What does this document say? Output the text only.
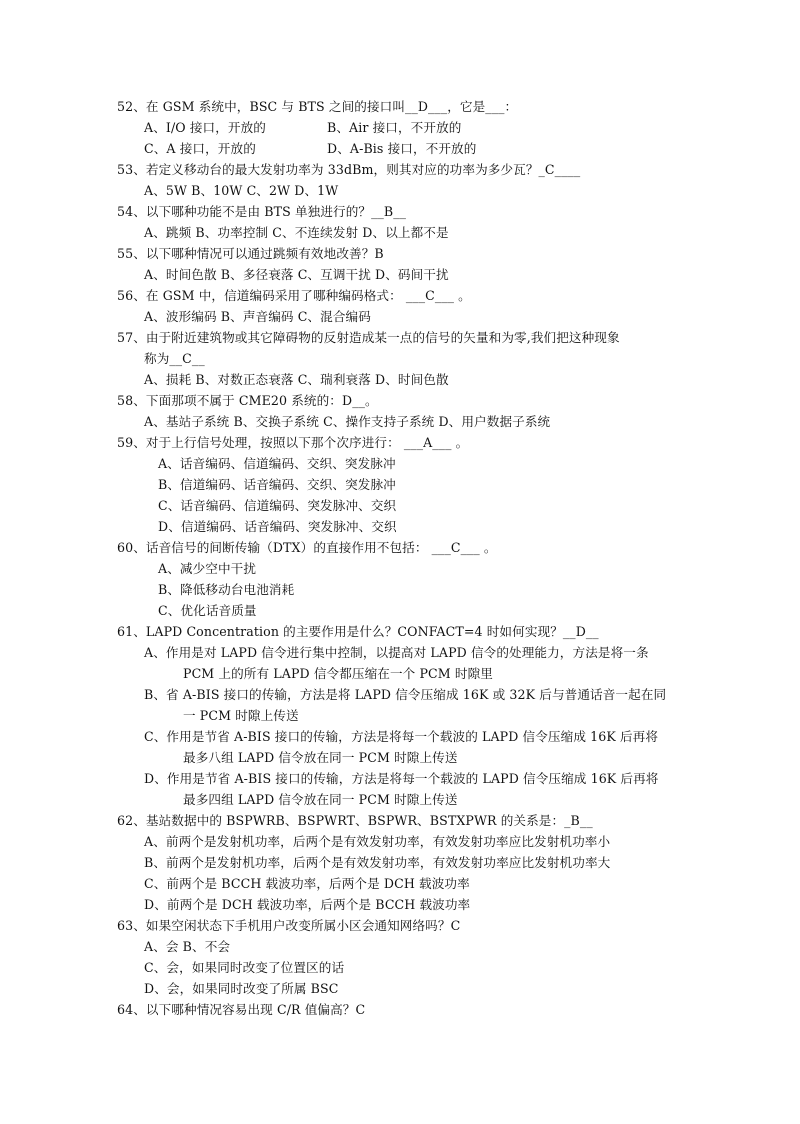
52、在 GSM 系统中，BSC 与 BTS 之间的接口叫__D___，它是___：
A、I/O 接口，开放的	B、Air 接口，不开放的
C、A 接口，开放的	D、A-Bis 接口，不开放的
53、若定义移动台的最大发射功率为 33dBm，则其对应的功率为多少瓦？_C____
A、5W B、10W C、2W D、1W
54、以下哪种功能不是由 BTS 单独进行的？__B__
A、跳频 B、功率控制 C、不连续发射 D、以上都不是
55、以下哪种情况可以通过跳频有效地改善？B
A、时间色散 B、多径衰落 C、互调干扰 D、码间干扰
56、在 GSM 中，信道编码采用了哪种编码格式： ___C___ 。
A、波形编码 B、声音编码 C、混合编码
57、由于附近建筑物或其它障碍物的反射造成某一点的信号的矢量和为零,我们把这种现象
称为__C__
A、损耗 B、对数正态衰落 C、瑞利衰落 D、时间色散
58、下面那项不属于 CME20 系统的：D__。
A、基站子系统 B、交换子系统 C、操作支持子系统 D、用户数据子系统
59、对于上行信号处理，按照以下那个次序进行： ___A___ 。
A、话音编码、信道编码、交织、突发脉冲
B、信道编码、话音编码、交织、突发脉冲
C、话音编码、信道编码、突发脉冲、交织
D、信道编码、话音编码、突发脉冲、交织
60、话音信号的间断传输（DTX）的直接作用不包括： ___C___ 。
A、减少空中干扰
B、降低移动台电池消耗
C、优化话音质量
61、LAPD Concentration 的主要作用是什么？CONFACT=4 时如何实现？__D__
A、作用是对 LAPD 信令进行集中控制，以提高对 LAPD 信令的处理能力，方法是将一条
PCM 上的所有 LAPD 信令都压缩在一个 PCM 时隙里
B、省 A-BIS 接口的传输，方法是将 LAPD 信令压缩成 16K 或 32K 后与普通话音一起在同
一 PCM 时隙上传送
C、作用是节省 A-BIS 接口的传输，方法是将每一个载波的 LAPD 信令压缩成 16K 后再将
最多八组 LAPD 信令放在同一 PCM 时隙上传送
D、作用是节省 A-BIS 接口的传输，方法是将每一个载波的 LAPD 信令压缩成 16K 后再将
最多四组 LAPD 信令放在同一 PCM 时隙上传送
62、基站数据中的 BSPWRB、BSPWRT、BSPWR、BSTXPWR 的关系是：_B__
A、前两个是发射机功率，后两个是有效发射功率，有效发射功率应比发射机功率小
B、前两个是发射机功率，后两个是有效发射功率，有效发射功率应比发射机功率大
C、前两个是 BCCH 载波功率，后两个是 DCH 载波功率
D、前两个是 DCH 载波功率，后两个是 BCCH 载波功率
63、如果空闲状态下手机用户改变所属小区会通知网络吗？C
A、会 B、不会
C、会，如果同时改变了位置区的话
D、会，如果同时改变了所属 BSC
64、以下哪种情况容易出现 C/R 值偏高？C
